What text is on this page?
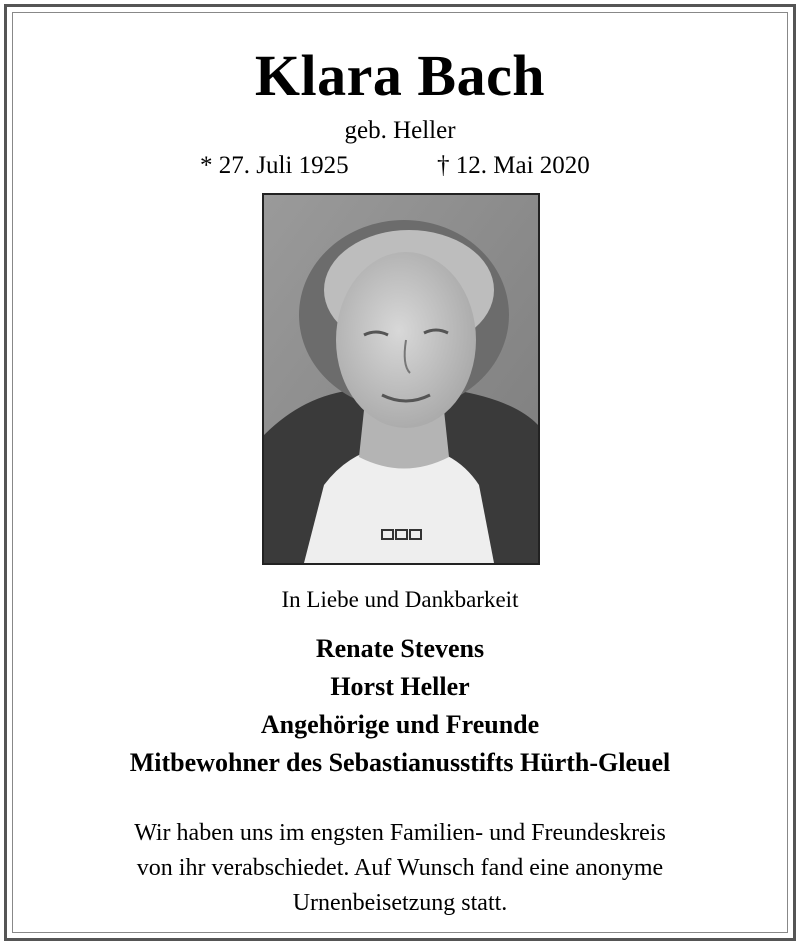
Klara Bach
geb. Heller
* 27. Juli 1925	† 12. Mai 2020
In Liebe und Dankbarkeit
Renate Stevens
Horst Heller
Angehörige und Freunde
Mitbewohner des Sebastianusstifts Hürth-Gleuel
Wir haben uns im engsten Familien- und Freundeskreis
von ihr verabschiedet. Auf Wunsch fand eine anonyme
Urnenbeisetzung statt.
